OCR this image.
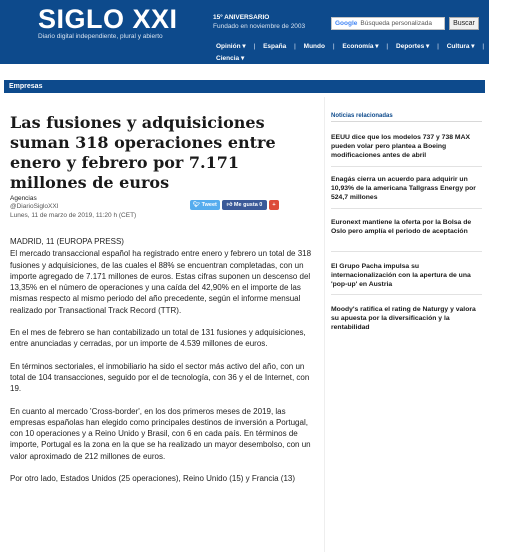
SIGLO XXI
Diario digital independiente, plural y abierto
15º ANIVERSARIO
Fundado en noviembre de 2003	Google Búsqueda personalizada	Buscar
Opinión ▾ | España | Mundo | Economía ▾ | Deportes ▾ | Cultura ▾ | Sociedad ▾
Ciencia ▾
Empresas
Las fusiones y adquisiciones suman 318 operaciones entre enero y febrero por 7.171 millones de euros
Agencias
@DiarioSigloXXI
Lunes, 11 de marzo de 2019, 11:20 h (CET)
🐦︎ Tweet	👍︎ Me gusta 0	+

MADRID, 11 (EUROPA PRESS)

El mercado transaccional español ha registrado entre enero y febrero un total de 318 fusiones y adquisiciones, de las cuales el 88% se encuentran completadas, con un importe agregado de 7.171 millones de euros. Estas cifras suponen un descenso del 13,35% en el número de operaciones y una caída del 42,90% en el importe de las mismas respecto al mismo periodo del año precedente, según el informe mensual realizado por Transactional Track Record (TTR).

En el mes de febrero se han contabilizado un total de 131 fusiones y adquisiciones, entre anunciadas y cerradas, por un importe de 4.539 millones de euros.

En términos sectoriales, el inmobiliario ha sido el sector más activo del año, con un total de 104 transacciones, seguido por el de tecnología, con 36 y el de Internet, con 19.

En cuanto al mercado 'Cross-border', en los dos primeros meses de 2019, las empresas españolas han elegido como principales destinos de inversión a Portugal, con 10 operaciones y a Reino Unido y Brasil, con 6 en cada país. En términos de importe, Portugal es la zona en la que se ha realizado un mayor desembolso, con un valor aproximado de 212 millones de euros.

Por otro lado, Estados Unidos (25 operaciones), Reino Unido (15) y Francia (13)

Noticias relacionadas
EEUU dice que los modelos 737 y 738 MAX pueden volar pero plantea a Boeing modificaciones antes de abril
Enagás cierra un acuerdo para adquirir un 10,93% de la americana Tallgrass Energy por 524,7 millones
Euronext mantiene la oferta por la Bolsa de Oslo pero amplía el periodo de aceptación
El Grupo Pacha impulsa su internacionalización con la apertura de una 'pop-up' en Austria
Moody's ratifica el rating de Naturgy y valora su apuesta por la diversificación y la rentabilidad
